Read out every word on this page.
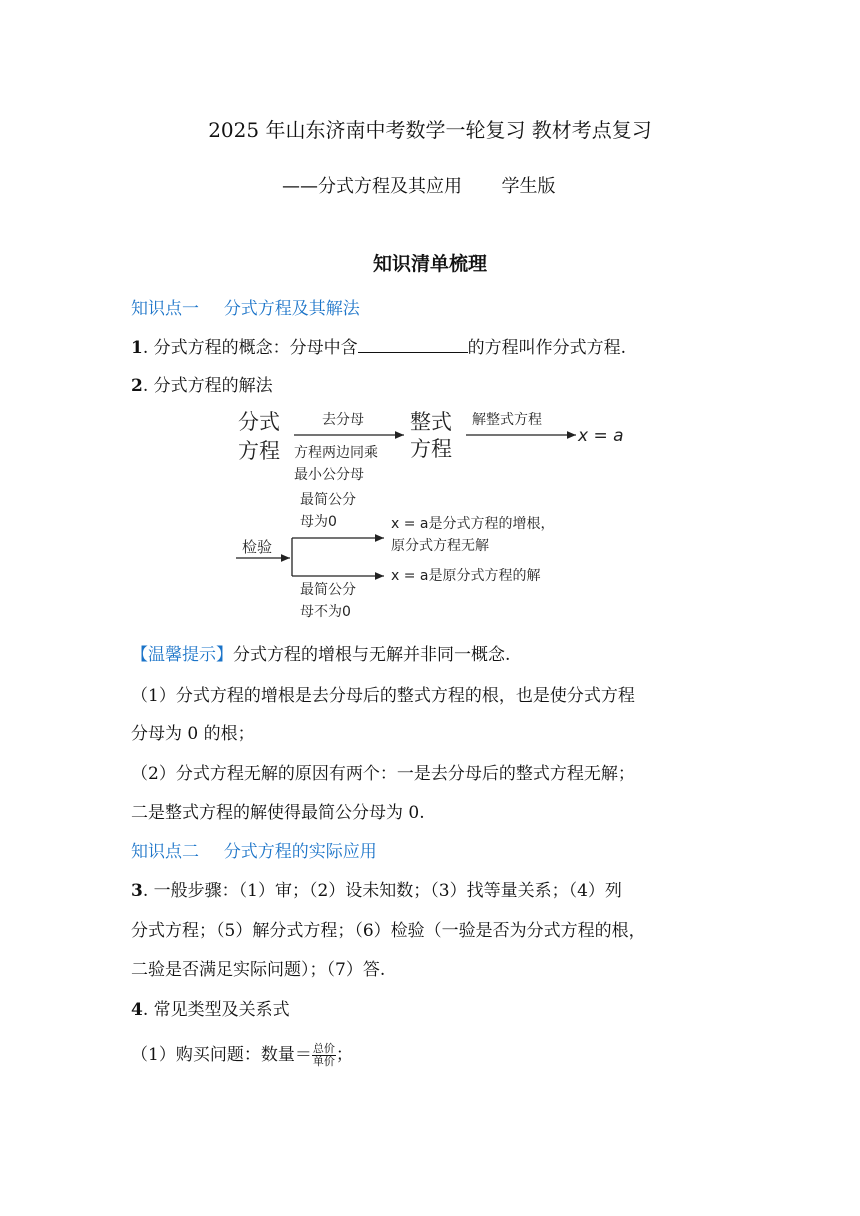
2025 年山东济南中考数学一轮复习 教材考点复习
——分式方程及其应用 学生版
知识清单梳理
知识点一 分式方程及其解法
1. 分式方程的概念：分母中含	的方程叫作分式方程.
2. 分式方程的解法
分式
方程
去分母
方程两边同乘
最小公分母
整式
方程
解整式方程
x = a
最简公分
母为0	x = a是分式方程的增根，
原分式方程无解
检验
x = a是原分式方程的解
最简公分
母不为0
【温馨提示】分式方程的增根与无解并非同一概念.
（1）分式方程的增根是去分母后的整式方程的根，也是使分式方程
分母为 0 的根；
（2）分式方程无解的原因有两个：一是去分母后的整式方程无解；
二是整式方程的解使得最简公分母为 0.
知识点二 分式方程的实际应用
3. 一般步骤：（1）审；（2）设未知数；（3）找等量关系；（4）列
分式方程；（5）解分式方程；（6）检验（一验是否为分式方程的根，
二验是否满足实际问题）；（7）答.
4. 常见类型及关系式
（1）购买问题：数量＝ $\frac{\text{总价}}{\text{单价}}$ ；
